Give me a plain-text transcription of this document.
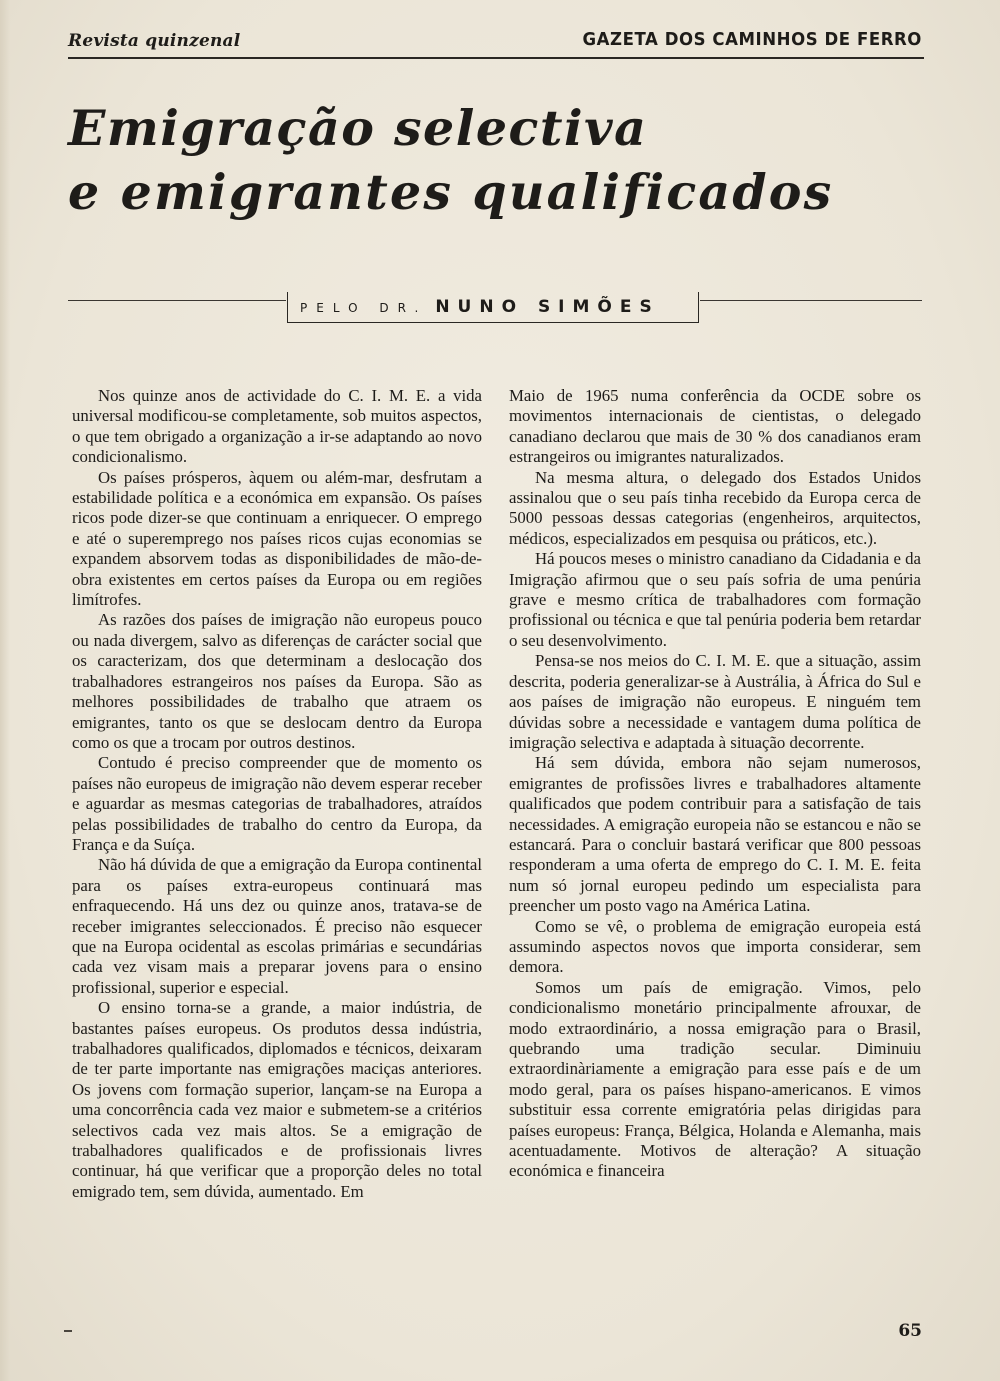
Revista quinzenal	GAZETA DOS CAMINHOS DE FERRO
Emigração selectiva
e emigrantes qualificados
PELO DR. NUNO SIMÕES

Nos quinze anos de actividade do C. I. M. E. a vida universal modificou-se completamente, sob muitos aspectos, o que tem obrigado a organização a ir-se adaptando ao novo condicionalismo.

Os países prósperos, àquem ou além-mar, desfrutam a estabilidade política e a económica em expansão. Os países ricos pode dizer-se que continuam a enriquecer. O emprego e até o superemprego nos países ricos cujas economias se expandem absorvem todas as disponibilidades de mão-de-obra existentes em certos países da Europa ou em regiões limítrofes.

As razões dos países de imigração não europeus pouco ou nada divergem, salvo as diferenças de carácter social que os caracterizam, dos que determinam a deslocação dos trabalhadores estrangeiros nos países da Europa. São as melhores possibilidades de trabalho que atraem os emigrantes, tanto os que se deslocam dentro da Europa como os que a trocam por outros destinos.

Contudo é preciso compreender que de momento os países não europeus de imigração não devem esperar receber e aguardar as mesmas categorias de trabalhadores, atraídos pelas possibilidades de trabalho do centro da Europa, da França e da Suíça.

Não há dúvida de que a emigração da Europa continental para os países extra-europeus continuará mas enfraquecendo. Há uns dez ou quinze anos, tratava-se de receber imigrantes seleccionados. É preciso não esquecer que na Europa ocidental as escolas primárias e secundárias cada vez visam mais a preparar jovens para o ensino profissional, superior e especial.

O ensino torna-se a grande, a maior indústria, de bastantes países europeus. Os produtos dessa indústria, trabalhadores qualificados, diplomados e técnicos, deixaram de ter parte importante nas emigrações maciças anteriores. Os jovens com formação superior, lançam-se na Europa a uma concorrência cada vez maior e submetem-se a critérios selectivos cada vez mais altos. Se a emigração de trabalhadores qualificados e de profissionais livres continuar, há que verificar que a proporção deles no total emigrado tem, sem dúvida, aumentado. Em

Maio de 1965 numa conferência da OCDE sobre os movimentos internacionais de cientistas, o delegado canadiano declarou que mais de 30 % dos canadianos eram estrangeiros ou imigrantes naturalizados.

Na mesma altura, o delegado dos Estados Unidos assinalou que o seu país tinha recebido da Europa cerca de 5000 pessoas dessas categorias (engenheiros, arquitectos, médicos, especializados em pesquisa ou práticos, etc.).

Há poucos meses o ministro canadiano da Cidadania e da Imigração afirmou que o seu país sofria de uma penúria grave e mesmo crítica de trabalhadores com formação profissional ou técnica e que tal penúria poderia bem retardar o seu desenvolvimento.

Pensa-se nos meios do C. I. M. E. que a situação, assim descrita, poderia generalizar-se à Austrália, à África do Sul e aos países de imigração não europeus. E ninguém tem dúvidas sobre a necessidade e vantagem duma política de imigração selectiva e adaptada à situação decorrente.

Há sem dúvida, embora não sejam numerosos, emigrantes de profissões livres e trabalhadores altamente qualificados que podem contribuir para a satisfação de tais necessidades. A emigração europeia não se estancou e não se estancará. Para o concluir bastará verificar que 800 pessoas responderam a uma oferta de emprego do C. I. M. E. feita num só jornal europeu pedindo um especialista para preencher um posto vago na América Latina.

Como se vê, o problema de emigração europeia está assumindo aspectos novos que importa considerar, sem demora.

Somos um país de emigração. Vimos, pelo condicionalismo monetário principalmente afrouxar, de modo extraordinário, a nossa emigração para o Brasil, quebrando uma tradição secular. Diminuiu extraordinàriamente a emigração para esse país e de um modo geral, para os países hispano-americanos. E vimos substituir essa corrente emigratória pelas dirigidas para países europeus: França, Bélgica, Holanda e Alemanha, mais acentuadamente. Motivos de alteração? A situação económica e financeira

65
